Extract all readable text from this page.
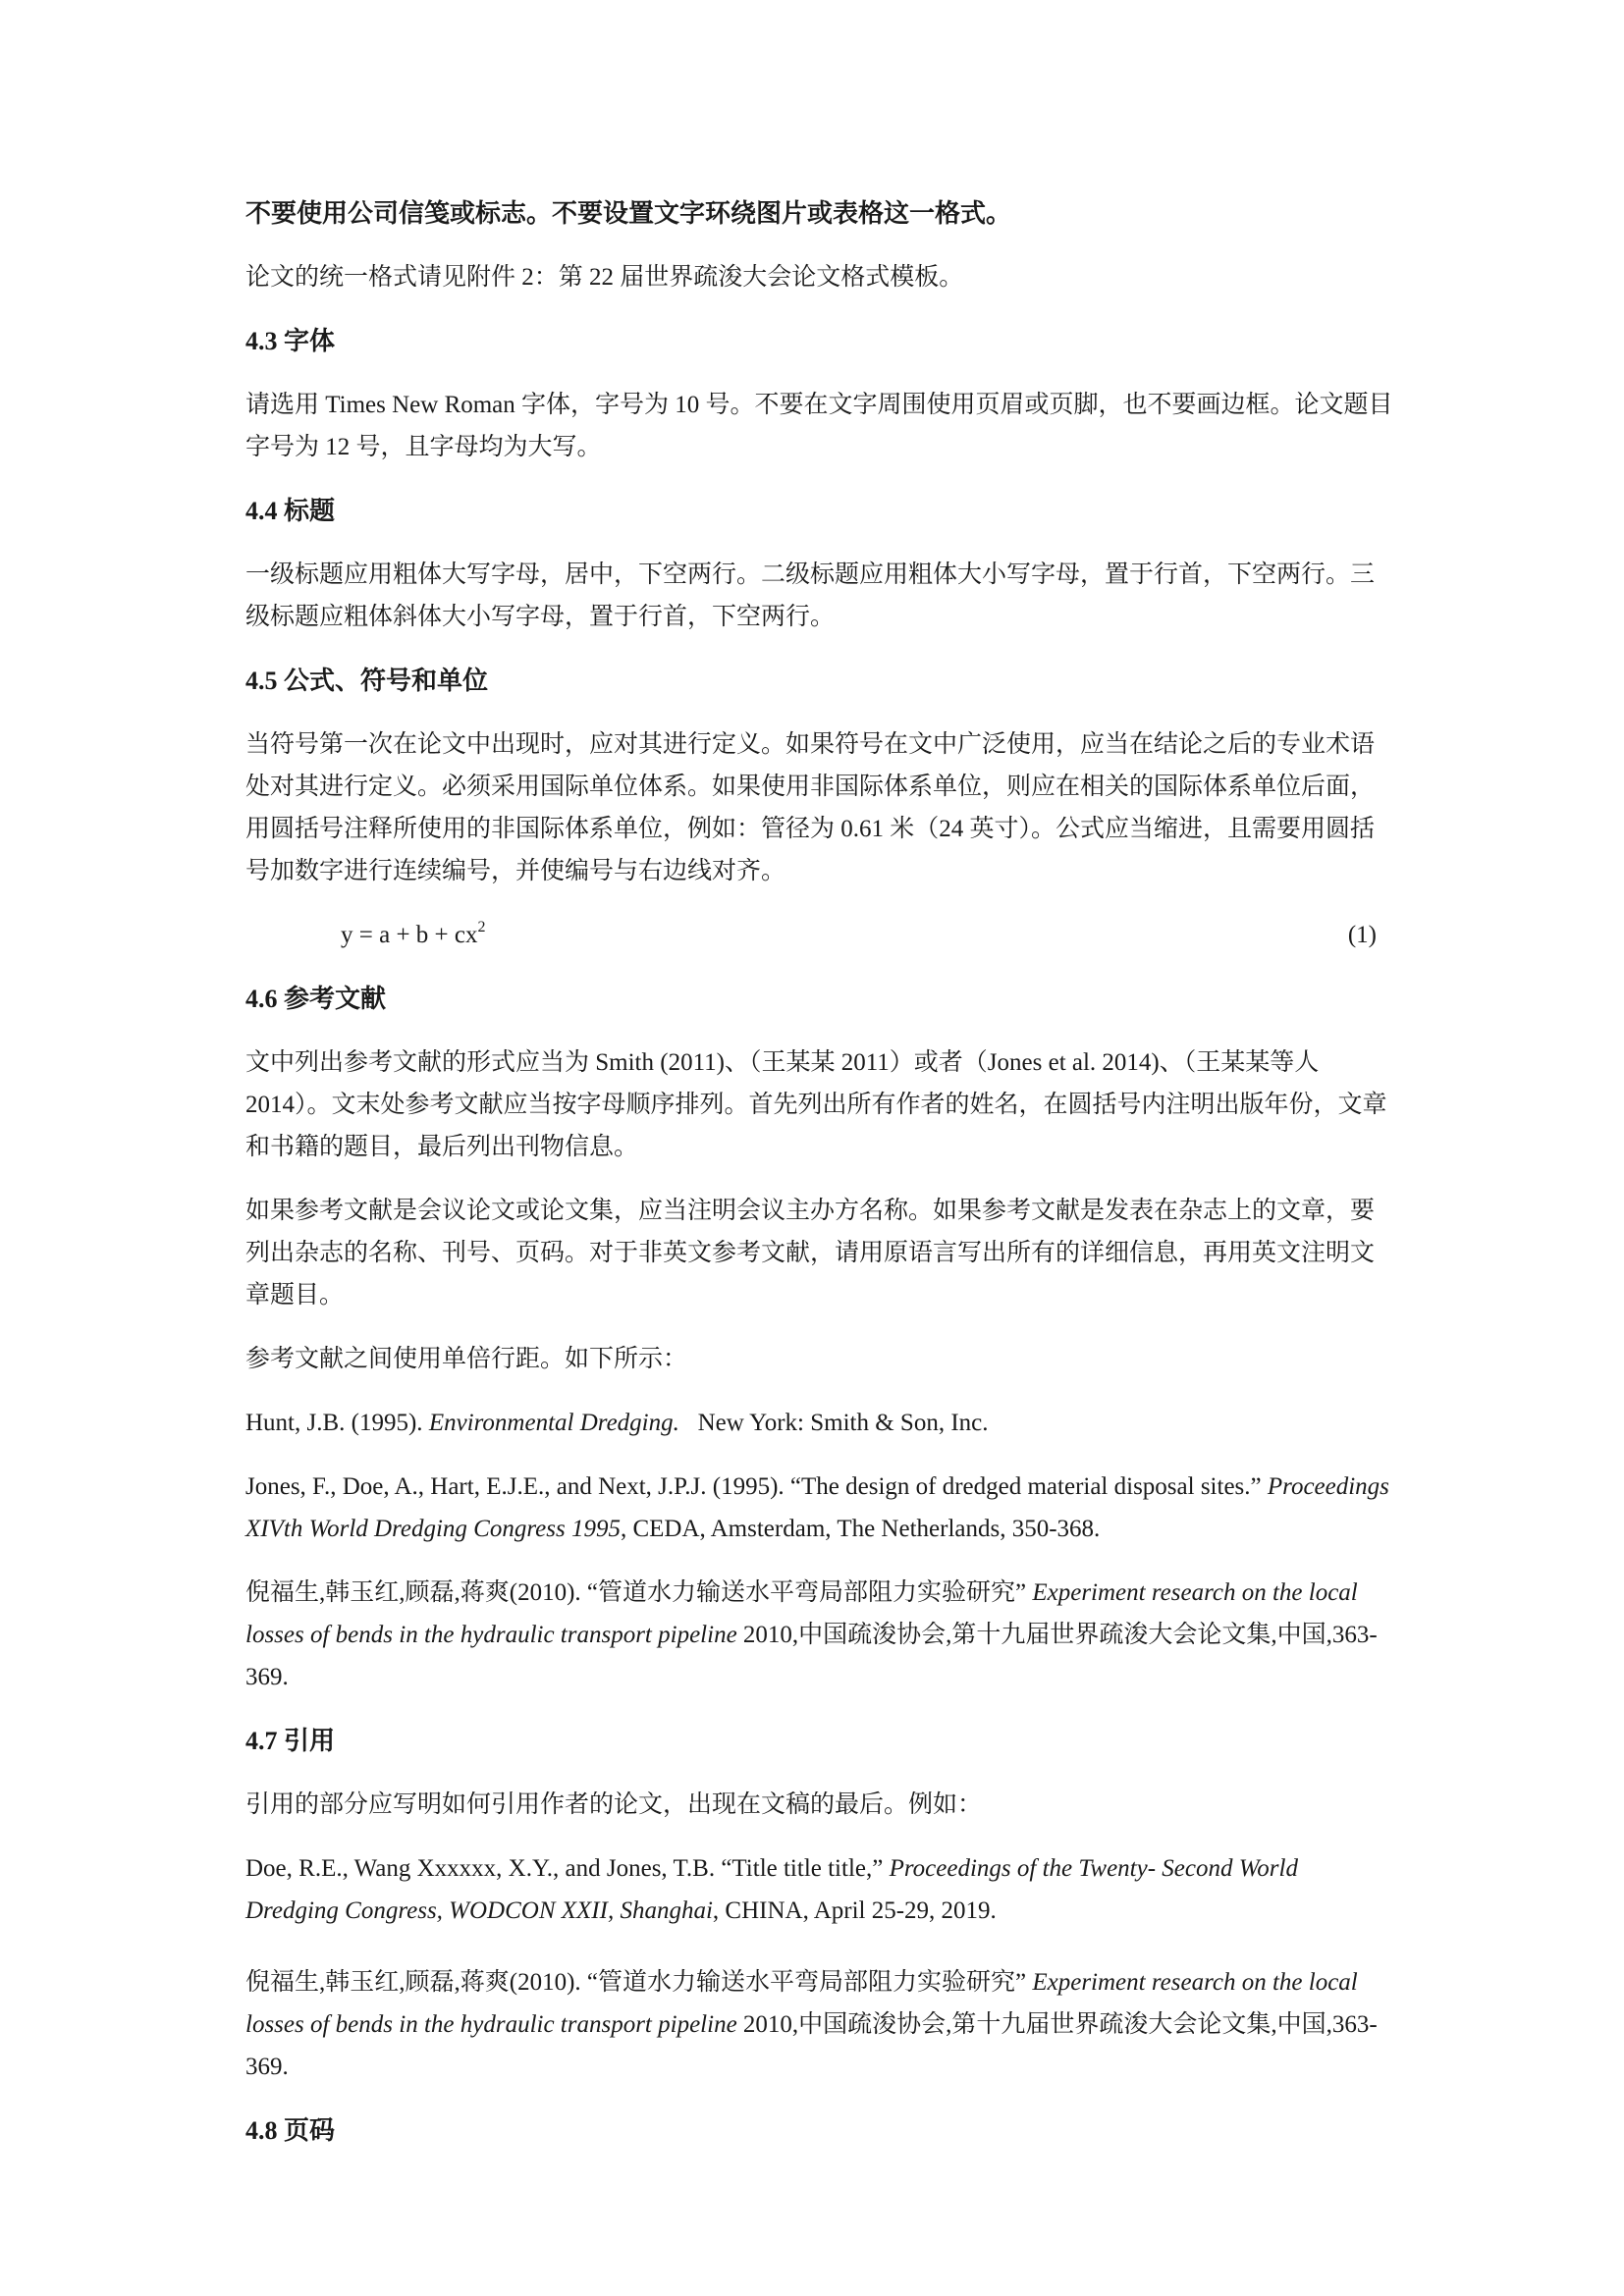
不要使用公司信笺或标志。不要设置文字环绕图片或表格这一格式。
论文的统一格式请见附件 2：第 22 届世界疏浚大会论文格式模板。
4.3 字体
请选用 Times New Roman 字体，字号为 10 号。不要在文字周围使用页眉或页脚，也不要画边框。论文题目字号为 12 号，且字母均为大写。
4.4 标题
一级标题应用粗体大写字母，居中，下空两行。二级标题应用粗体大小写字母，置于行首，下空两行。三级标题应粗体斜体大小写字母，置于行首，下空两行。
4.5 公式、符号和单位
当符号第一次在论文中出现时，应对其进行定义。如果符号在文中广泛使用，应当在结论之后的专业术语处对其进行定义。必须采用国际单位体系。如果使用非国际体系单位，则应在相关的国际体系单位后面，用圆括号注释所使用的非国际体系单位，例如：管径为 0.61 米（24 英寸）。公式应当缩进，且需要用圆括号加数字进行连续编号，并使编号与右边线对齐。
$y = a + b + cx^2$	(1)
4.6 参考文献
文中列出参考文献的形式应当为 Smith (2011)、（王某某 2011）或者（Jones et al. 2014)、（王某某等人 2014）。文末处参考文献应当按字母顺序排列。首先列出所有作者的姓名，在圆括号内注明出版年份，文章和书籍的题目，最后列出刊物信息。
如果参考文献是会议论文或论文集，应当注明会议主办方名称。如果参考文献是发表在杂志上的文章，要列出杂志的名称、刊号、页码。对于非英文参考文献，请用原语言写出所有的详细信息，再用英文注明文章题目。
参考文献之间使用单倍行距。如下所示：
Hunt, J.B. (1995). Environmental Dredging.   New York: Smith & Son, Inc.
Jones, F., Doe, A., Hart, E.J.E., and Next, J.P.J. (1995). “The design of dredged material disposal sites.” Proceedings XIVth World Dredging Congress 1995, CEDA, Amsterdam, The Netherlands, 350-368.
倪福生,韩玉红,顾磊,蒋爽(2010). “管道水力输送水平弯局部阻力实验研究” Experiment research on the local losses of bends in the hydraulic transport pipeline 2010,中国疏浚协会,第十九届世界疏浚大会论文集,中国,363-369.
4.7 引用
引用的部分应写明如何引用作者的论文，出现在文稿的最后。例如：
Doe, R.E., Wang Xxxxxx, X.Y., and Jones, T.B. “Title title title,” Proceedings of the Twenty- Second World Dredging Congress, WODCON XXII, Shanghai, CHINA, April 25-29, 2019.
倪福生,韩玉红,顾磊,蒋爽(2010). “管道水力输送水平弯局部阻力实验研究” Experiment research on the local losses of bends in the hydraulic transport pipeline 2010,中国疏浚协会,第十九届世界疏浚大会论文集,中国,363-369.
4.8 页码
